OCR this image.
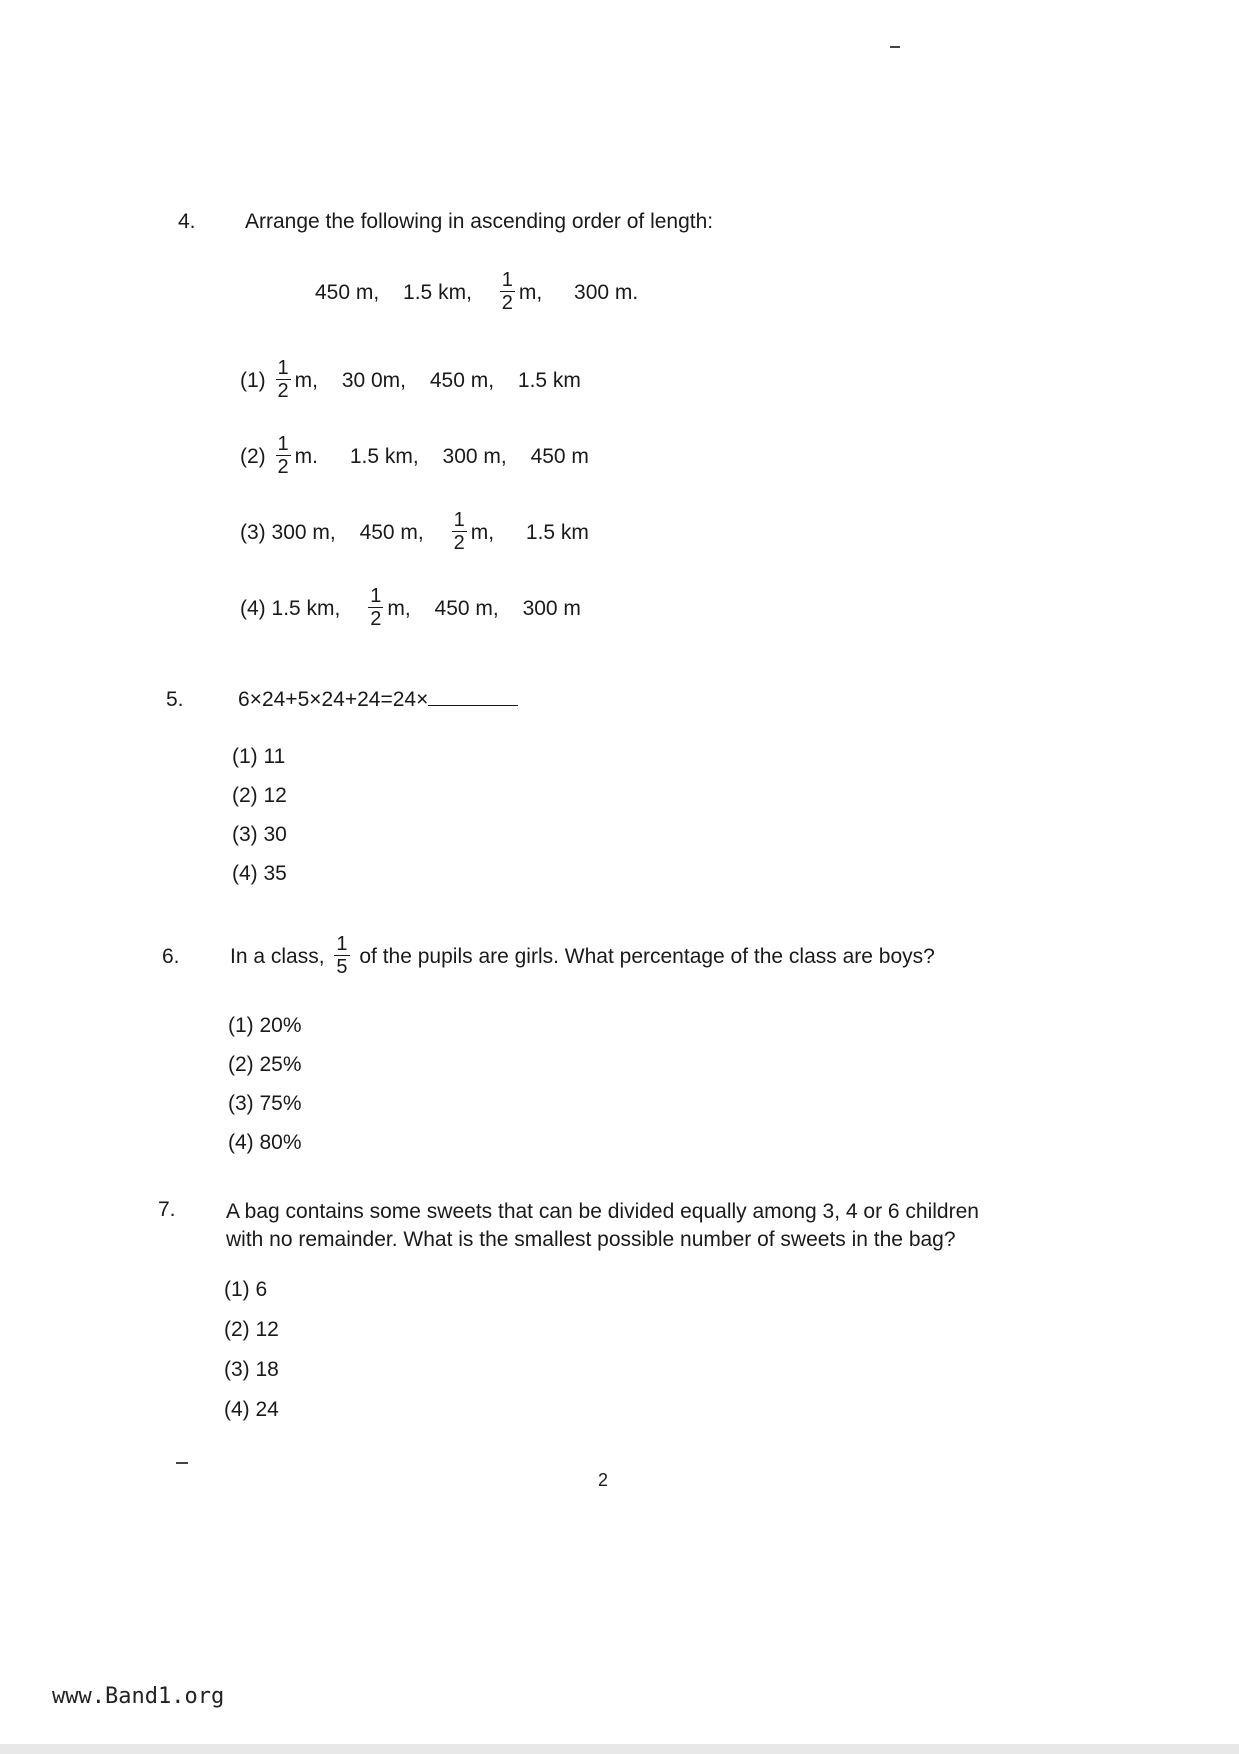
4. Arrange the following in ascending order of length:
450 m, 1.5 km, $\frac{1}{2} m$, 300 m.
$(1) \frac{1}{2} m$, 30 0m, 450 m, 1.5 km
$(2) \frac{1}{2} m$. 1.5 km, 300 m, 450 m
(3) 300 m, 450 m, $\frac{1}{2} m$, 1.5 km
(4) 1.5 km, $\frac{1}{2} m$, 450 m, 300 m
5.	6×24+5×24+24=24×
(1) 11
(2) 12
(3) 30
(4) 35
6. In a class, $\frac{1}{5}$ of the pupils are girls. What percentage of the class are boys?
(1) 20%
(2) 25%
(3) 75%
(4) 80%
7. A bag contains some sweets that can be divided equally among 3, 4 or 6 children
with no remainder. What is the smallest possible number of sweets in the bag?
(1) 6
(2) 12
(3) 18
(4) 24
2
www.Band1.org
